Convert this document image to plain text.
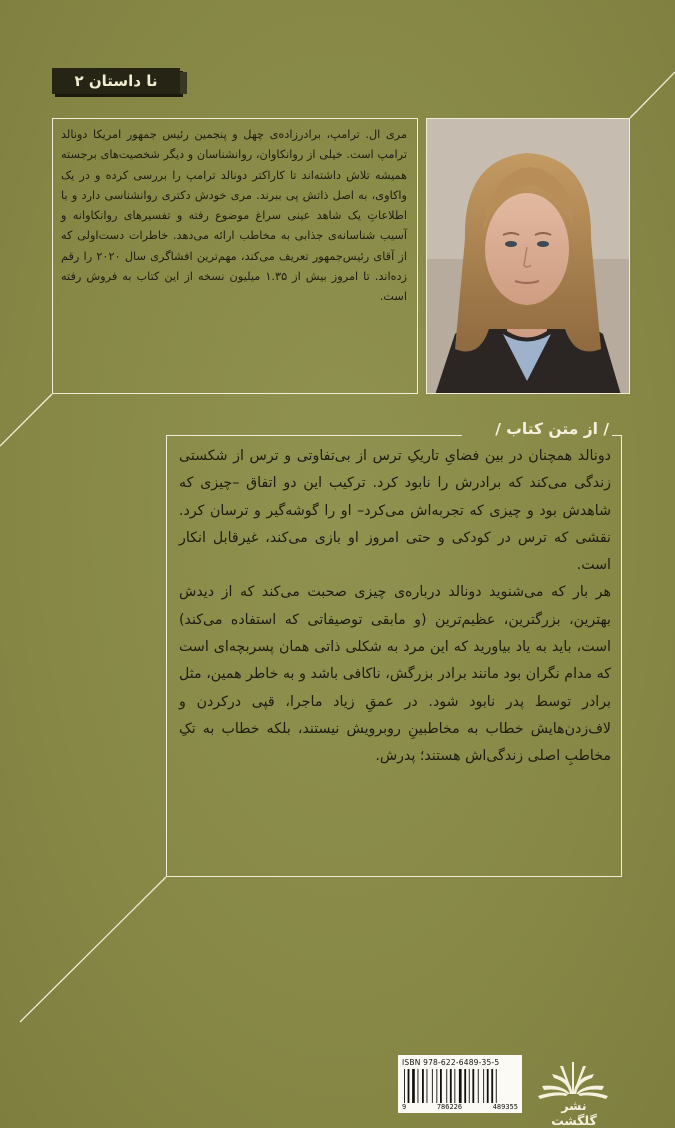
نا داستان ۲

مری ال. ترامپ، برادرزاده‌ی چهل و پنجمین رئیس جمهور امریکا دونالد ترامپ است. خیلی از روانکاوان، روانشناسان و دیگر شخصیت‌های برجسته همیشه تلاش داشته‌اند تا کاراکتر دونالد ترامپ را بررسی کرده و در یک واکاوی، به اصل ذاتش پی ببرند. مری خودش دکتری روانشناسی دارد و با اطلاعاتِ یک شاهد عینی سراغ موضوع رفته و تفسیرهای روانکاوانه و آسیب شناسانه‌ی جذابی به مخاطب ارائه می‌دهد. خاطرات دست‌اولی که از آقای رئیس‌جمهور تعریف می‌کند، مهم‌ترین افشاگری سال ۲۰۲۰ را رقم زده‌اند. تا امروز بیش از ۱.۳۵ میلیون نسخه از این کتاب به فروش رفته است.

/ از متن کتاب /

دونالد همچنان در بین فضایِ تاریکِ ترس از بی‌تفاوتی و ترس از شکستی زندگی می‌کند که برادرش را نابود کرد. ترکیب این دو اتفاق –چیزی که شاهدش بود و چیزی که تجربه‌اش می‌کرد– او را گوشه‌گیر و ترسان کرد. نقشی که ترس در کودکی و حتی امروز او بازی می‌کند، غیرقابل انکار است.

هر بار که می‌شنوید دونالد درباره‌ی چیزی صحبت می‌کند که از دیدش بهترین، بزرگترین، عظیم‌ترین (و مابقی توصیفاتی که استفاده می‌کند) است، باید به یاد بیاورید که این مرد به شکلی ذاتی همان پسربچه‌ای است که مدام نگران بود مانند برادر بزرگش، ناکافی باشد و به خاطر همین، مثل برادر توسط پدر نابود شود. در عمقِ زیاد ماجرا، قپی درکردن و لاف‌زدن‌هایش خطاب به مخاطبینِ روبرویش نیستند، بلکه خطاب به تکِ مخاطبِ اصلی زندگی‌اش هستند؛ پدرش.

ISBN 978-622-6489-35-5
9	786226	489355	نشر گلگشت
